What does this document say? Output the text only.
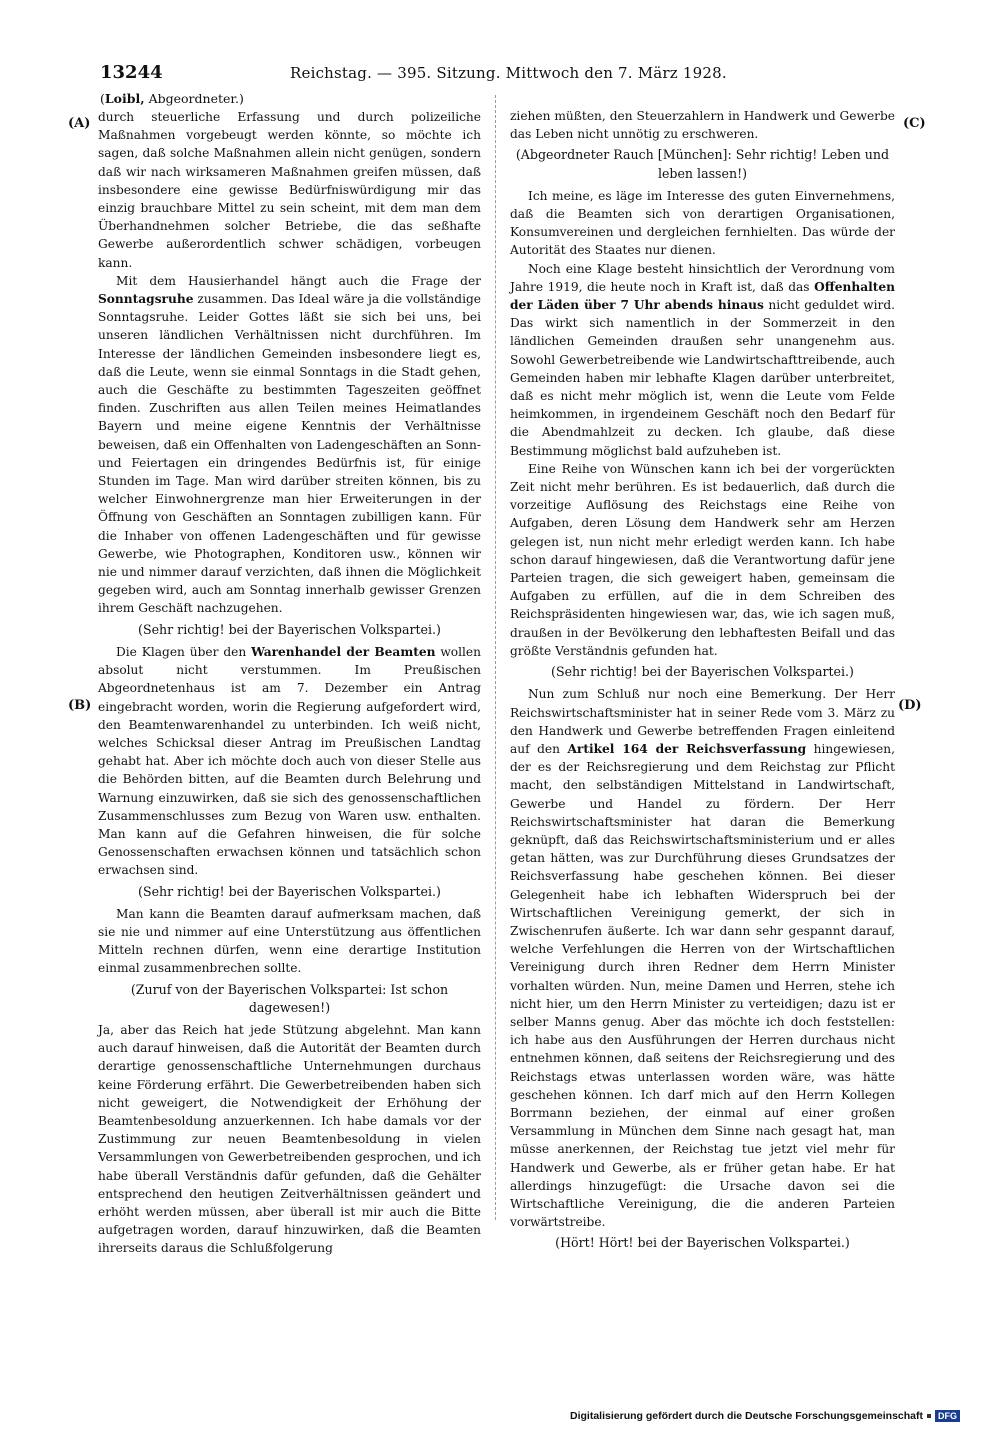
13244	Reichstag. — 395. Sitzung. Mittwoch den 7. März 1928.
(Loibl, Abgeordneter.)
(A)
(B)
(C)
(D)

durch steuerliche Erfassung und durch polizeiliche Maßnahmen vorgebeugt werden könnte, so möchte ich sagen, daß solche Maßnahmen allein nicht genügen, sondern daß wir nach wirksameren Maßnahmen greifen müssen, daß insbesondere eine gewisse Bedürfniswürdigung mir das einzig brauchbare Mittel zu sein scheint, mit dem man dem Überhandnehmen solcher Betriebe, die das seßhafte Gewerbe außerordentlich schwer schädigen, vorbeugen kann.

Mit dem Hausierhandel hängt auch die Frage der Sonntagsruhe zusammen. Das Ideal wäre ja die vollständige Sonntagsruhe. Leider Gottes läßt sie sich bei uns, bei unseren ländlichen Verhältnissen nicht durchführen. Im Interesse der ländlichen Gemeinden insbesondere liegt es, daß die Leute, wenn sie einmal Sonntags in die Stadt gehen, auch die Geschäfte zu bestimmten Tageszeiten geöffnet finden. Zuschriften aus allen Teilen meines Heimatlandes Bayern und meine eigene Kenntnis der Verhältnisse beweisen, daß ein Offenhalten von Ladengeschäften an Sonn- und Feiertagen ein dringendes Bedürfnis ist, für einige Stunden im Tage. Man wird darüber streiten können, bis zu welcher Einwohnergrenze man hier Erweiterungen in der Öffnung von Geschäften an Sonntagen zubilligen kann. Für die Inhaber von offenen Ladengeschäften und für gewisse Gewerbe, wie Photographen, Konditoren usw., können wir nie und nimmer darauf verzichten, daß ihnen die Möglichkeit gegeben wird, auch am Sonntag innerhalb gewisser Grenzen ihrem Geschäft nachzugehen.

(Sehr richtig! bei der Bayerischen Volkspartei.)

Die Klagen über den Warenhandel der Beamten wollen absolut nicht verstummen. Im Preußischen Abgeordnetenhaus ist am 7. Dezember ein Antrag eingebracht worden, worin die Regierung aufgefordert wird, den Beamtenwarenhandel zu unterbinden. Ich weiß nicht, welches Schicksal dieser Antrag im Preußischen Landtag gehabt hat. Aber ich möchte doch auch von dieser Stelle aus die Behörden bitten, auf die Beamten durch Belehrung und Warnung einzuwirken, daß sie sich des genossenschaftlichen Zusammenschlusses zum Bezug von Waren usw. enthalten. Man kann auf die Gefahren hinweisen, die für solche Genossenschaften erwachsen können und tatsächlich schon erwachsen sind.

(Sehr richtig! bei der Bayerischen Volkspartei.)

Man kann die Beamten darauf aufmerksam machen, daß sie nie und nimmer auf eine Unterstützung aus öffentlichen Mitteln rechnen dürfen, wenn eine derartige Institution einmal zusammenbrechen sollte.

(Zuruf von der Bayerischen Volkspartei: Ist schon dagewesen!)

Ja, aber das Reich hat jede Stützung abgelehnt. Man kann auch darauf hinweisen, daß die Autorität der Beamten durch derartige genossenschaftliche Unternehmungen durchaus keine Förderung erfährt. Die Gewerbetreibenden haben sich nicht geweigert, die Notwendigkeit der Erhöhung der Beamtenbesoldung anzuerkennen. Ich habe damals vor der Zustimmung zur neuen Beamtenbesoldung in vielen Versammlungen von Gewerbetreibenden gesprochen, und ich habe überall Verständnis dafür gefunden, daß die Gehälter entsprechend den heutigen Zeitverhältnissen geändert und erhöht werden müssen, aber überall ist mir auch die Bitte aufgetragen worden, darauf hinzuwirken, daß die Beamten ihrerseits daraus die Schlußfolgerung

ziehen müßten, den Steuerzahlern in Handwerk und Gewerbe das Leben nicht unnötig zu erschweren.

(Abgeordneter Rauch [München]: Sehr richtig! Leben und leben lassen!)

Ich meine, es läge im Interesse des guten Einvernehmens, daß die Beamten sich von derartigen Organisationen, Konsumvereinen und dergleichen fernhielten. Das würde der Autorität des Staates nur dienen.

Noch eine Klage besteht hinsichtlich der Verordnung vom Jahre 1919, die heute noch in Kraft ist, daß das Offenhalten der Läden über 7 Uhr abends hinaus nicht geduldet wird. Das wirkt sich namentlich in der Sommerzeit in den ländlichen Gemeinden draußen sehr unangenehm aus. Sowohl Gewerbetreibende wie Landwirtschafttreibende, auch Gemeinden haben mir lebhafte Klagen darüber unterbreitet, daß es nicht mehr möglich ist, wenn die Leute vom Felde heimkommen, in irgendeinem Geschäft noch den Bedarf für die Abendmahlzeit zu decken. Ich glaube, daß diese Bestimmung möglichst bald aufzuheben ist.

Eine Reihe von Wünschen kann ich bei der vorgerückten Zeit nicht mehr berühren. Es ist bedauerlich, daß durch die vorzeitige Auflösung des Reichstags eine Reihe von Aufgaben, deren Lösung dem Handwerk sehr am Herzen gelegen ist, nun nicht mehr erledigt werden kann. Ich habe schon darauf hingewiesen, daß die Verantwortung dafür jene Parteien tragen, die sich geweigert haben, gemeinsam die Aufgaben zu erfüllen, auf die in dem Schreiben des Reichspräsidenten hingewiesen war, das, wie ich sagen muß, draußen in der Bevölkerung den lebhaftesten Beifall und das größte Verständnis gefunden hat.

(Sehr richtig! bei der Bayerischen Volkspartei.)

Nun zum Schluß nur noch eine Bemerkung. Der Herr Reichswirtschaftsminister hat in seiner Rede vom 3. März zu den Handwerk und Gewerbe betreffenden Fragen einleitend auf den Artikel 164 der Reichsverfassung hingewiesen, der es der Reichsregierung und dem Reichstag zur Pflicht macht, den selbständigen Mittelstand in Landwirtschaft, Gewerbe und Handel zu fördern. Der Herr Reichswirtschaftsminister hat daran die Bemerkung geknüpft, daß das Reichswirtschaftsministerium und er alles getan hätten, was zur Durchführung dieses Grundsatzes der Reichsverfassung habe geschehen können. Bei dieser Gelegenheit habe ich lebhaften Widerspruch bei der Wirtschaftlichen Vereinigung gemerkt, der sich in Zwischenrufen äußerte. Ich war dann sehr gespannt darauf, welche Verfehlungen die Herren von der Wirtschaftlichen Vereinigung durch ihren Redner dem Herrn Minister vorhalten würden. Nun, meine Damen und Herren, stehe ich nicht hier, um den Herrn Minister zu verteidigen; dazu ist er selber Manns genug. Aber das möchte ich doch feststellen: ich habe aus den Ausführungen der Herren durchaus nicht entnehmen können, daß seitens der Reichsregierung und des Reichstags etwas unterlassen worden wäre, was hätte geschehen können. Ich darf mich auf den Herrn Kollegen Borrmann beziehen, der einmal auf einer großen Versammlung in München dem Sinne nach gesagt hat, man müsse anerkennen, der Reichstag tue jetzt viel mehr für Handwerk und Gewerbe, als er früher getan habe. Er hat allerdings hinzugefügt: die Ursache davon sei die Wirtschaftliche Vereinigung, die die anderen Parteien vorwärtstreibe.

(Hört! Hört! bei der Bayerischen Volkspartei.)

Digitalisierung gefördert durch die Deutsche Forschungsgemeinschaft	DFG
